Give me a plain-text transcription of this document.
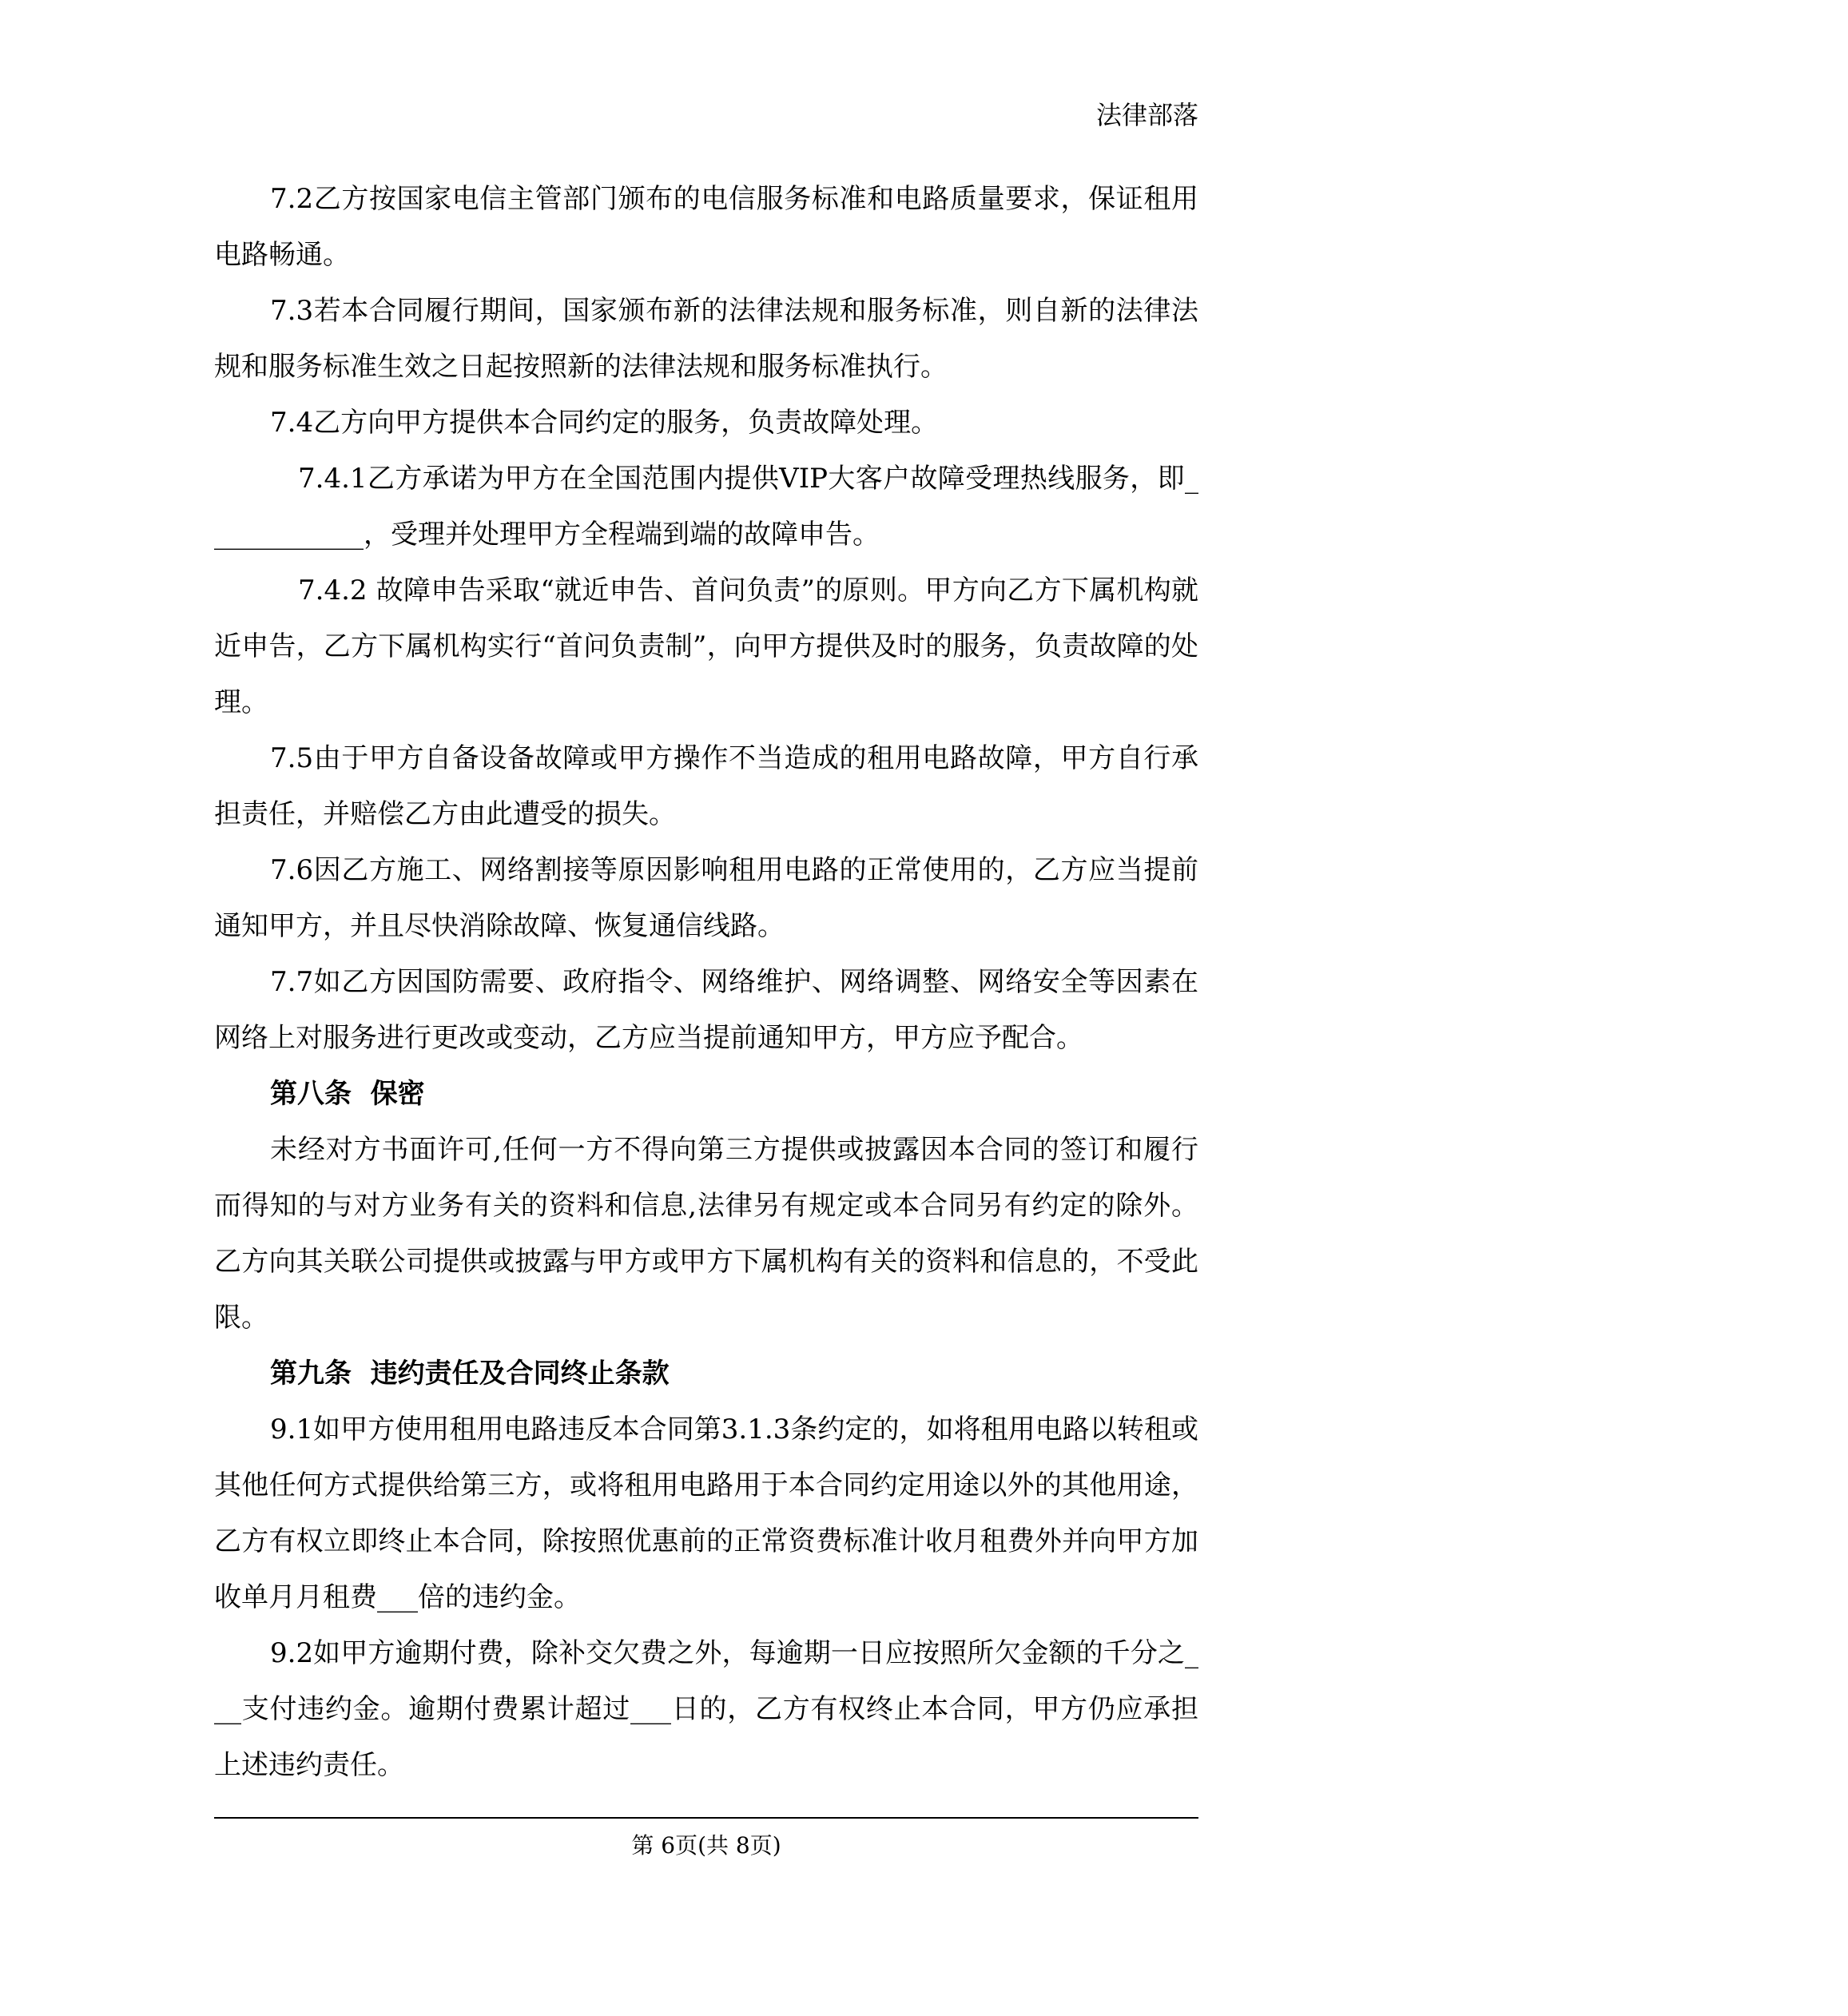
法律部落

7.2乙方按国家电信主管部门颁布的电信服务标准和电路质量要求，保证租用电路畅通。

7.3若本合同履行期间，国家颁布新的法律法规和服务标准，则自新的法律法规和服务标准生效之日起按照新的法律法规和服务标准执行。

7.4乙方向甲方提供本合同约定的服务，负责故障处理。

7.4.1乙方承诺为甲方在全国范围内提供VIP大客户故障受理热线服务，即____________，受理并处理甲方全程端到端的故障申告。

7.4.2 故障申告采取“就近申告、首问负责”的原则。甲方向乙方下属机构就近申告，乙方下属机构实行“首问负责制”，向甲方提供及时的服务，负责故障的处理。

7.5由于甲方自备设备故障或甲方操作不当造成的租用电路故障，甲方自行承担责任，并赔偿乙方由此遭受的损失。

7.6因乙方施工、网络割接等原因影响租用电路的正常使用的，乙方应当提前通知甲方，并且尽快消除故障、恢复通信线路。

7.7如乙方因国防需要、政府指令、网络维护、网络调整、网络安全等因素在网络上对服务进行更改或变动，乙方应当提前通知甲方，甲方应予配合。

第八条  保密

未经对方书面许可,任何一方不得向第三方提供或披露因本合同的签订和履行而得知的与对方业务有关的资料和信息,法律另有规定或本合同另有约定的除外。乙方向其关联公司提供或披露与甲方或甲方下属机构有关的资料和信息的，不受此限。

第九条  违约责任及合同终止条款

9.1如甲方使用租用电路违反本合同第3.1.3条约定的，如将租用电路以转租或其他任何方式提供给第三方，或将租用电路用于本合同约定用途以外的其他用途，乙方有权立即终止本合同，除按照优惠前的正常资费标准计收月租费外并向甲方加收单月月租费___倍的违约金。

9.2如甲方逾期付费，除补交欠费之外，每逾期一日应按照所欠金额的千分之___支付违约金。逾期付费累计超过___日的，乙方有权终止本合同，甲方仍应承担上述违约责任。

第 6页(共 8页)
